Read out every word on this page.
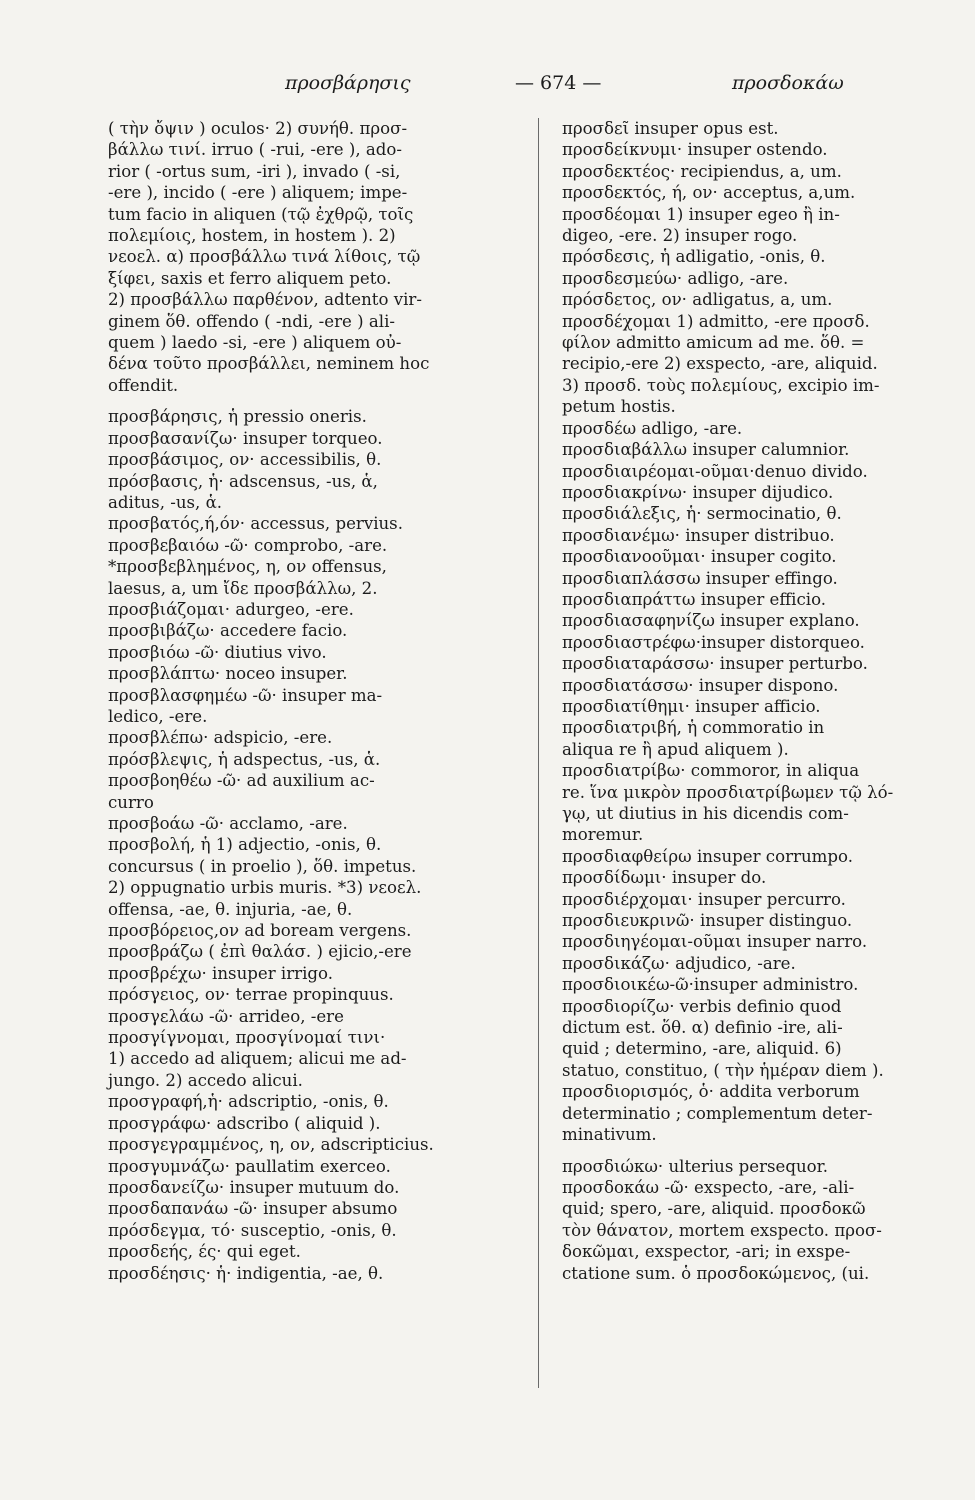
προσβάρησις	— 674 —	προσδοκάω
( τὴν ὄψιν ) oculos· 2) συνήθ. προσ-
βάλλω τινί. irruo ( -rui, -ere ), ado-
rior ( -ortus sum, -iri ), invado ( -si,
-ere ), incido ( -ere ) aliquem; impe-
tum facio in aliquen (τῷ ἐχθρῷ, τοῖς
πολεμίοις, hostem, in hostem ). 2)
νεοελ. α) προσβάλλω τινά λίθοις, τῷ
ξίφει, saxis et ferro aliquem peto.
2) προσβάλλω παρθένον, adtento vir-
ginem ὅθ. offendo ( -ndi, -ere ) ali-
quem ) laedo -si, -ere ) aliquem οὐ-
δένα τοῦτο προσβάλλει, neminem hoc
offendit.
προσβάρησις, ἡ pressio oneris.
προσβασανίζω· insuper torqueo.
προσβάσιμος, ον· accessibilis, θ.
πρόσβασις, ἡ· adscensus, -us, ἁ,
aditus, -us, ἁ.
προσβατός,ή,όν· accessus, pervius.
προσβεβαιόω -ῶ· comprobo, -are.
*προσβεβλημένος, η, ον offensus,
laesus, a, um ἴδε προσβάλλω, 2.
προσβιάζομαι· adurgeo, -ere.
προσβιβάζω· accedere facio.
προσβιόω -ῶ· diutius vivo.
προσβλάπτω· noceo insuper.
προσβλασφημέω -ῶ· insuper ma-
ledico, -ere.
προσβλέπω· adspicio, -ere.
πρόσβλεψις, ἡ adspectus, -us, ἁ.
προσβοηθέω -ῶ· ad auxilium ac-
curro
προσβοάω -ῶ· acclamo, -are.
προσβολή, ἡ 1) adjectio, -onis, θ.
concursus ( in proelio ), ὅθ. impetus.
2) oppugnatio urbis muris. *3) νεοελ.
offensa, -ae, θ. injuria, -ae, θ.
προσβόρειος,ον ad boream vergens.
προσβράζω ( ἐπὶ θαλάσ. ) ejicio,-ere
προσβρέχω· insuper irrigo.
πρόσγειος, ον· terrae propinquus.
προσγελάω -ῶ· arrideo, -ere
προσγίγνομαι, προσγίνομαί τινι·
1) accedo ad aliquem; alicui me ad-
jungo. 2) accedo alicui.
προσγραφή,ἡ· adscriptio, -onis, θ.
προσγράφω· adscribo ( aliquid ).
προσγεγραμμένος, η, ον, adscripticius.
προσγυμνάζω· paullatim exerceo.
προσδανείζω· insuper mutuum do.
προσδαπανάω -ῶ· insuper absumo
πρόσδεγμα, τό· susceptio, -onis, θ.
προσδεής, ές· qui eget.
προσδέησις· ἡ· indigentia, -ae, θ.
προσδεῖ insuper opus est.
προσδείκνυμι· insuper ostendo.
προσδεκτέος· recipiendus, a, um.
προσδεκτός, ή, ον· acceptus, a,um.
προσδέομαι 1) insuper egeo ἢ in-
digeo, -ere. 2) insuper rogo.
πρόσδεσις, ἡ adligatio, -onis, θ.
προσδεσμεύω· adligo, -are.
πρόσδετος, ον· adligatus, a, um.
προσδέχομαι 1) admitto, -ere προσδ.
φίλον admitto amicum ad me. ὅθ. =
recipio,-ere 2) exspecto, -are, aliquid.
3) προσδ. τοὺς πολεμίους, excipio im-
petum hostis.
προσδέω adligo, -are.
προσδιαβάλλω insuper calumnior.
προσδιαιρέομαι-οῦμαι·denuo divido.
προσδιακρίνω· insuper dijudico.
προσδιάλεξις, ἡ· sermocinatio, θ.
προσδιανέμω· insuper distribuo.
προσδιανοοῦμαι· insuper cogito.
προσδιαπλάσσω insuper effingo.
προσδιαπράττω insuper efficio.
προσδιασαφηνίζω insuper explano.
προσδιαστρέφω·insuper distorqueo.
προσδιαταράσσω· insuper perturbo.
προσδιατάσσω· insuper dispono.
προσδιατίθημι· insuper afficio.
προσδιατριβή, ἡ commoratio in
aliqua re ἢ apud aliquem ).
προσδιατρίβω· commoror, in aliqua
re. ἵνα μικρὸν προσδιατρίβωμεν τῷ λό-
γῳ, ut diutius in his dicendis com-
moremur.
προσδιαφθείρω insuper corrumpo.
προσδίδωμι· insuper do.
προσδιέρχομαι· insuper percurro.
προσδιευκρινῶ· insuper distinguo.
προσδιηγέομαι-οῦμαι insuper narro.
προσδικάζω· adjudico, -are.
προσδιοικέω-ῶ·insuper administro.
προσδιορίζω· verbis definio quod
dictum est. ὅθ. α) definio -ire, ali-
quid ; determino, -are, aliquid. 6)
statuo, constituo, ( τὴν ἡμέραν diem ).
προσδιορισμός, ὁ· addita verborum
determinatio ; complementum deter-
minativum.
προσδιώκω· ulterius persequor.
προσδοκάω -ῶ· exspecto, -are, -ali-
quid; spero, -are, aliquid. προσδοκῶ
τὸν θάνατον, mortem exspecto. προσ-
δοκῶμαι, exspector, -ari; in exspe-
ctatione sum. ὁ προσδοκώμενος, (ui.
